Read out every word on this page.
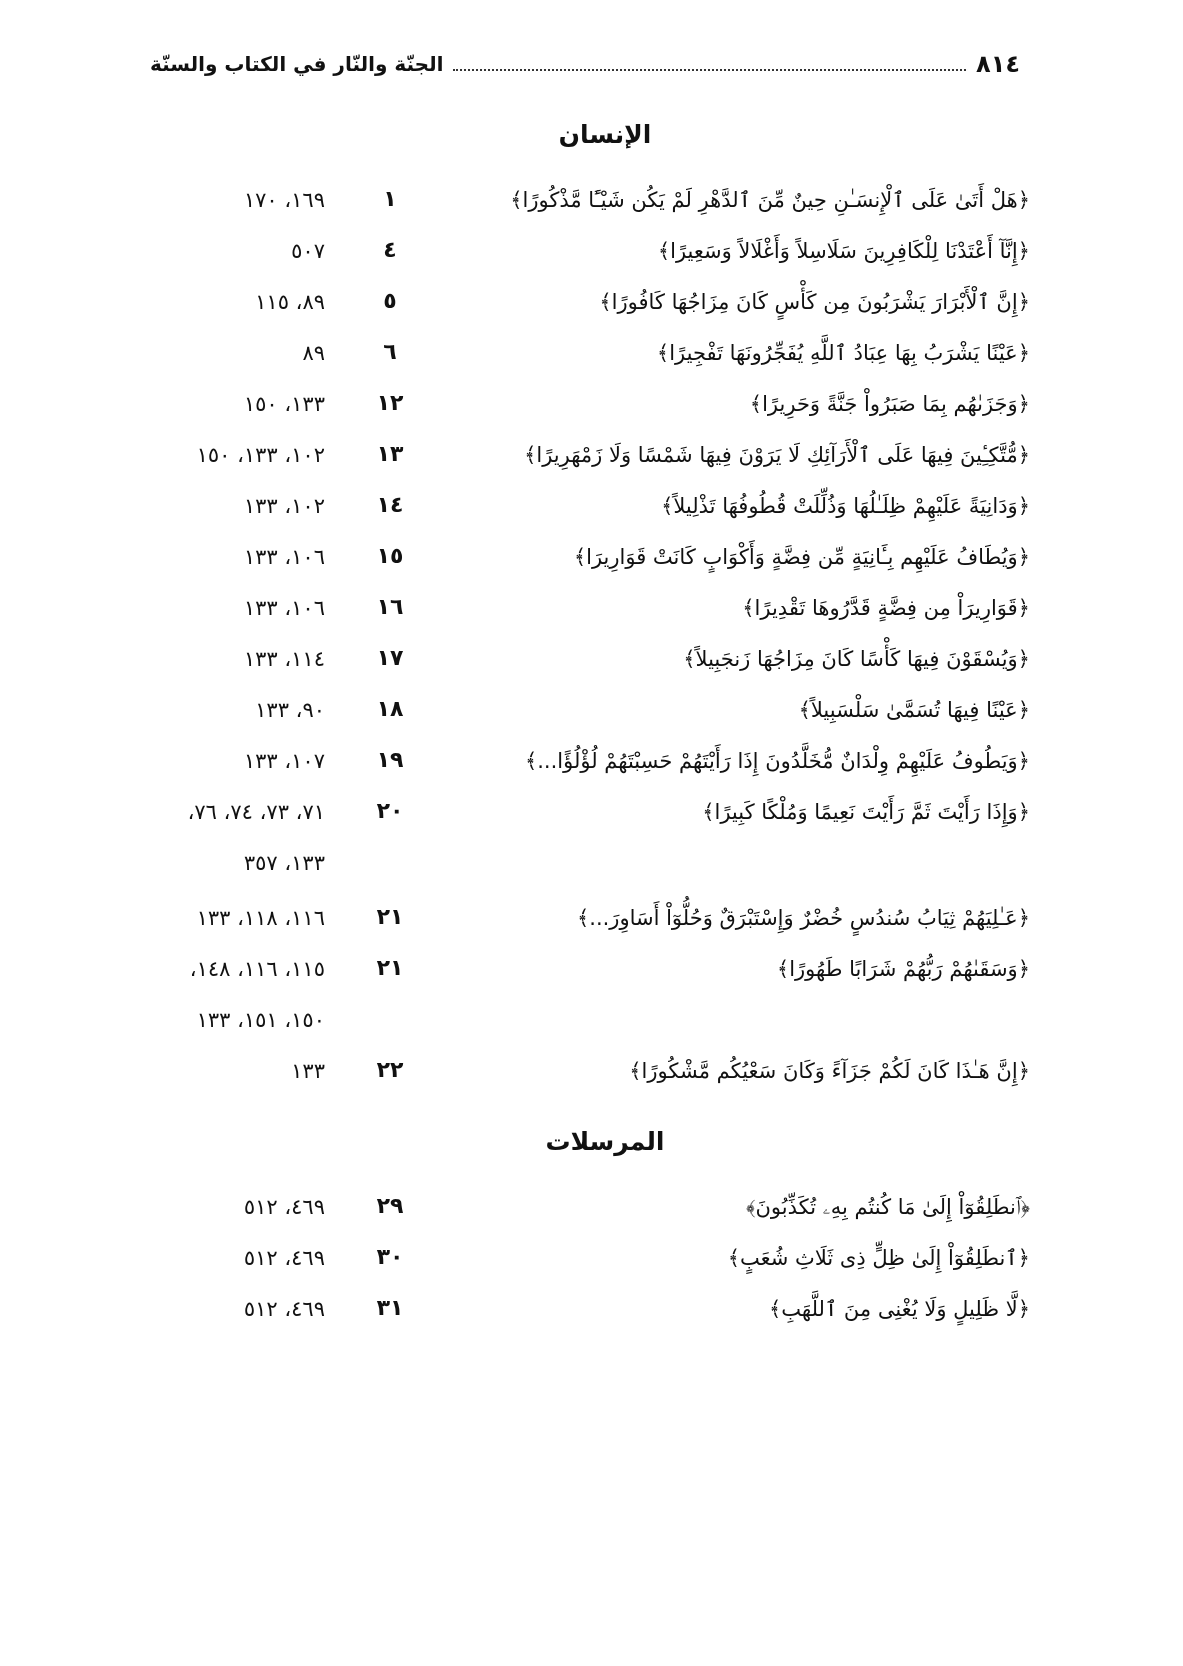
٨١٤
الجنّة والنّار في الكتاب والسنّة
الإنسان
﴿هَلْ أَتَىٰ عَلَى ٱلْإِنسَـٰنِ حِينٌ مِّنَ ٱلدَّهْرِ لَمْ يَكُن شَيْـًٔا مَّذْكُورًا﴾
١
١٦٩، ١٧٠
﴿إِنَّآ أَعْتَدْنَا لِلْكَافِرِينَ سَلَاسِلاً وَأَغْلَالاً وَسَعِيرًا﴾
٤
٥٠٧
﴿إِنَّ ٱلْأَبْرَارَ يَشْرَبُونَ مِن كَأْسٍ كَانَ مِزَاجُهَا كَافُورًا﴾
٥
٨٩، ١١٥
﴿عَيْنًا يَشْرَبُ بِهَا عِبَادُ ٱللَّهِ يُفَجِّرُونَهَا تَفْجِيرًا﴾
٦
٨٩
﴿وَجَزَىٰهُم بِمَا صَبَرُواْ جَنَّةً وَحَرِيرًا﴾
١٢
١٣٣، ١٥٠
﴿مُّتَّكِـِٔينَ فِيهَا عَلَى ٱلْأَرَآئِكِ لَا يَرَوْنَ فِيهَا شَمْسًا وَلَا زَمْهَرِيرًا﴾
١٣
١٠٢، ١٣٣، ١٥٠
﴿وَدَانِيَةً عَلَيْهِمْ ظِلَـٰلُهَا وَذُلِّلَتْ قُطُوفُهَا تَذْلِيلاً﴾
١٤
١٠٢، ١٣٣
﴿وَيُطَافُ عَلَيْهِم بِـَٔانِيَةٍ مِّن فِضَّةٍ وَأَكْوَابٍ كَانَتْ قَوَارِيرَا﴾
١٥
١٠٦، ١٣٣
﴿قَوَارِيرَاْ مِن فِضَّةٍ قَدَّرُوهَا تَقْدِيرًا﴾
١٦
١٠٦، ١٣٣
﴿وَيُسْقَوْنَ فِيهَا كَأْسًا كَانَ مِزَاجُهَا زَنجَبِيلاً﴾
١٧
١١٤، ١٣٣
﴿عَيْنًا فِيهَا تُسَمَّىٰ سَلْسَبِيلاً﴾
١٨
٩٠، ١٣٣
﴿وَيَطُوفُ عَلَيْهِمْ وِلْدَانٌ مُّخَلَّدُونَ إِذَا رَأَيْتَهُمْ حَسِبْتَهُمْ لُؤْلُؤًا...﴾
١٩
١٠٧، ١٣٣
﴿وَإِذَا رَأَيْتَ ثَمَّ رَأَيْتَ نَعِيمًا وَمُلْكًا كَبِيرًا﴾
٢٠
٧١، ٧٣، ٧٤، ٧٦،
١٣٣، ٣٥٧
﴿عَـٰلِيَهُمْ ثِيَابُ سُندُسٍ خُضْرٌ وَإِسْتَبْرَقٌ وَحُلُّوٓاْ أَسَاوِرَ...﴾
٢١
١١٦، ١١٨، ١٣٣
﴿وَسَقَىٰهُمْ رَبُّهُمْ شَرَابًا طَهُورًا﴾
٢١
١١٥، ١١٦، ١٤٨،
١٥٠، ١٥١، ١٣٣
﴿إِنَّ هَـٰذَا كَانَ لَكُمْ جَزَآءً وَكَانَ سَعْيُكُم مَّشْكُورًا﴾
٢٢
١٣٣
المرسلات
﴿ٱنطَلِقُوٓاْ إِلَىٰ مَا كُنتُم بِهِۦ تُكَذِّبُونَ﴾
٢٩
٤٦٩، ٥١٢
﴿ٱنطَلِقُوٓاْ إِلَىٰ ظِلٍّ ذِى ثَلَاثِ شُعَبٍ﴾
٣٠
٤٦٩، ٥١٢
﴿لَّا ظَلِيلٍ وَلَا يُغْنِى مِنَ ٱللَّهَبِ﴾
٣١
٤٦٩، ٥١٢
